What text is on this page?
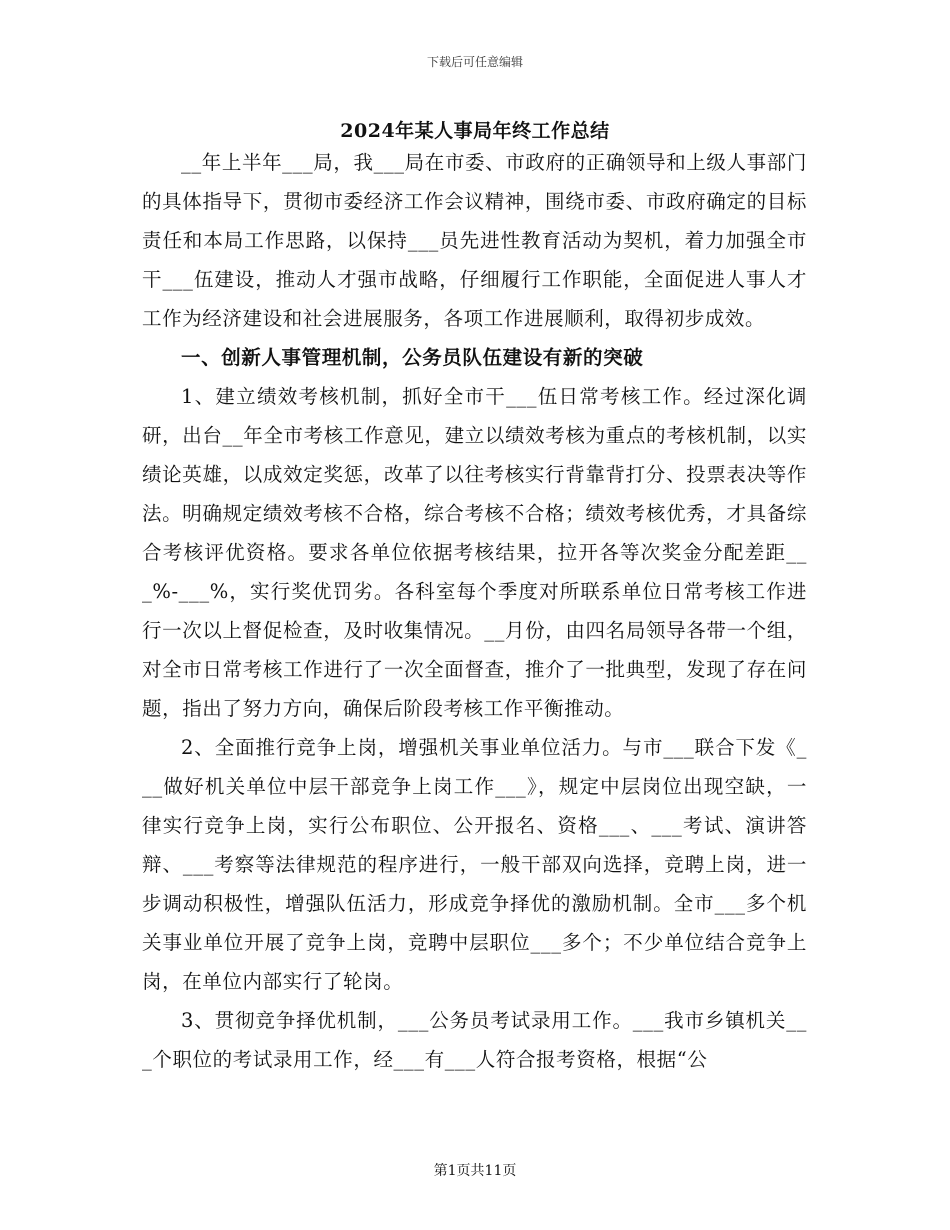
下载后可任意编辑
2024年某人事局年终工作总结

__年上半年___局，我___局在市委、市政府的正确领导和上级人事部门的具体指导下，贯彻市委经济工作会议精神，围绕市委、市政府确定的目标责任和本局工作思路，以保持___员先进性教育活动为契机，着力加强全市干___伍建设，推动人才强市战略，仔细履行工作职能，全面促进人事人才工作为经济建设和社会进展服务，各项工作进展顺利，取得初步成效。

一、创新人事管理机制，公务员队伍建设有新的突破

1、建立绩效考核机制，抓好全市干___伍日常考核工作。经过深化调研，出台__年全市考核工作意见，建立以绩效考核为重点的考核机制，以实绩论英雄，以成效定奖惩，改革了以往考核实行背靠背打分、投票表决等作法。明确规定绩效考核不合格，综合考核不合格；绩效考核优秀，才具备综合考核评优资格。要求各单位依据考核结果，拉开各等次奖金分配差距___%-___%，实行奖优罚劣。各科室每个季度对所联系单位日常考核工作进行一次以上督促检查，及时收集情况。__月份，由四名局领导各带一个组，对全市日常考核工作进行了一次全面督查，推介了一批典型，发现了存在问题，指出了努力方向，确保后阶段考核工作平衡推动。

2、全面推行竞争上岗，增强机关事业单位活力。与市___联合下发《___做好机关单位中层干部竞争上岗工作___》，规定中层岗位出现空缺，一律实行竞争上岗，实行公布职位、公开报名、资格___、___考试、演讲答辩、___考察等法律规范的程序进行，一般干部双向选择，竞聘上岗，进一步调动积极性，增强队伍活力，形成竞争择优的激励机制。全市___多个机关事业单位开展了竞争上岗，竞聘中层职位___多个；不少单位结合竞争上岗，在单位内部实行了轮岗。

3、贯彻竞争择优机制，___公务员考试录用工作。___我市乡镇机关___个职位的考试录用工作，经___有___人符合报考资格，根据“公

第1页共11页
